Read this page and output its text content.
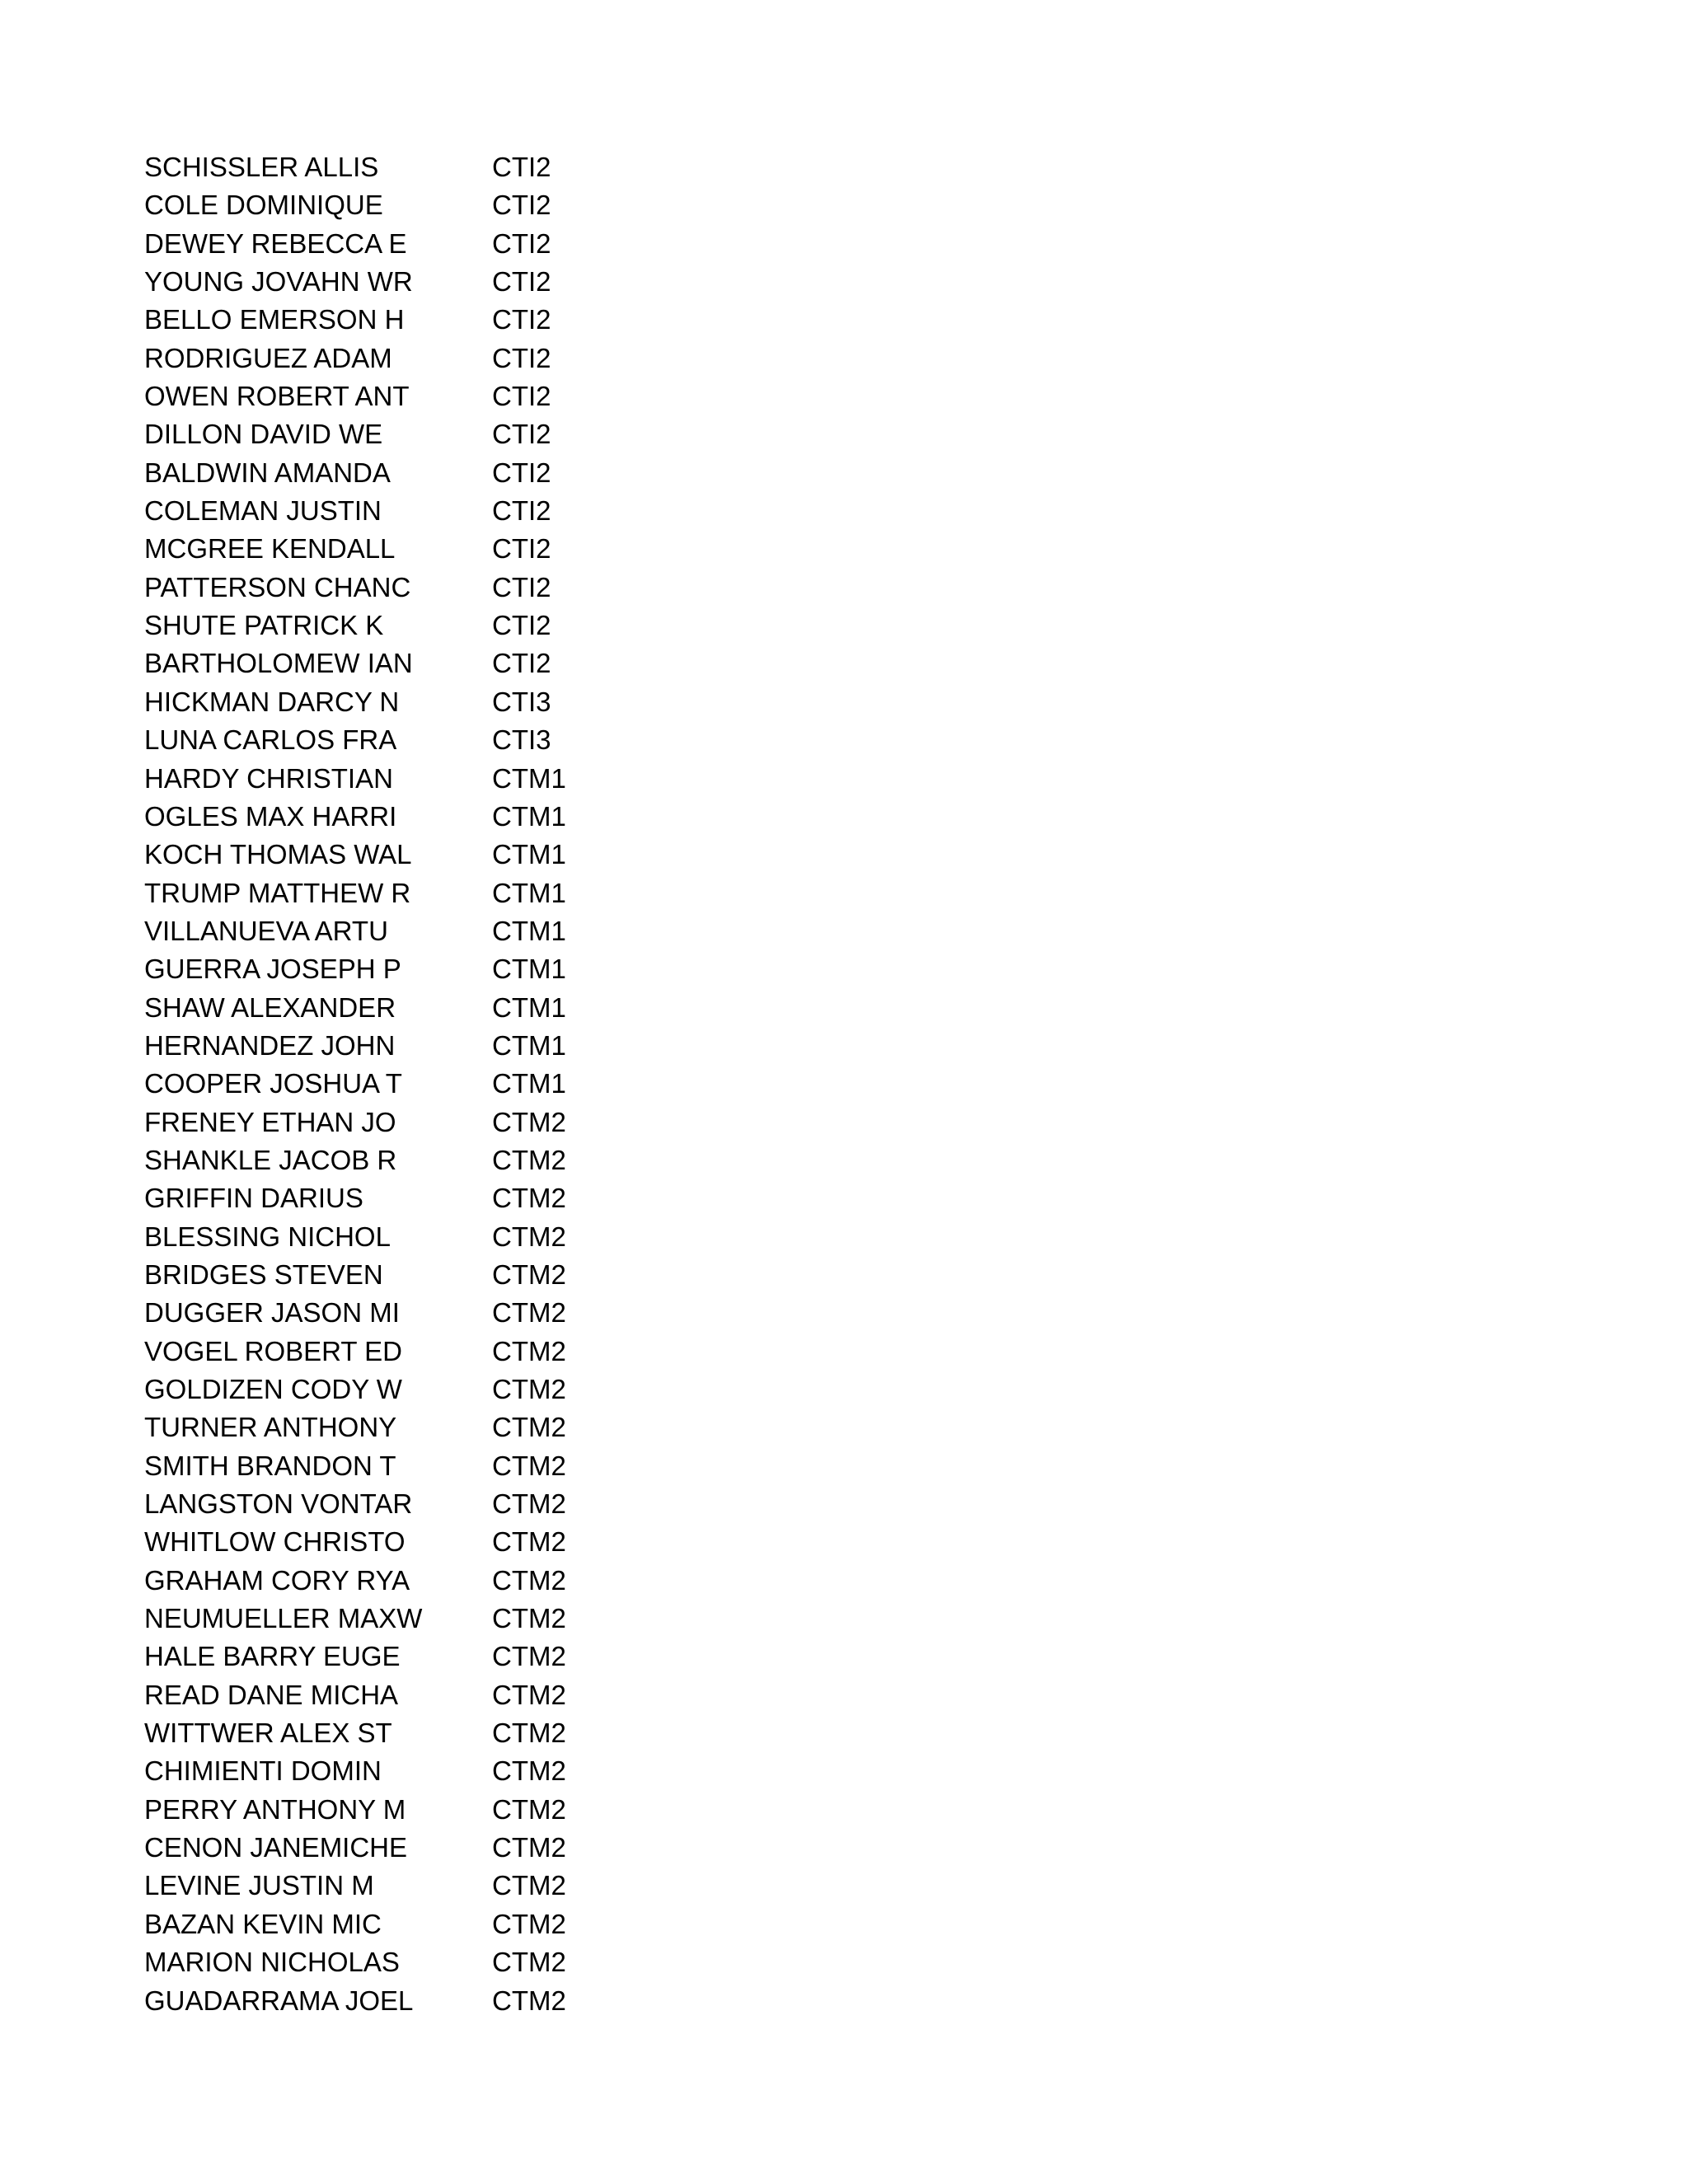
SCHISSLER ALLIS	CTI2
COLE DOMINIQUE	CTI2
DEWEY REBECCA E	CTI2
YOUNG JOVAHN WR	CTI2
BELLO EMERSON H	CTI2
RODRIGUEZ ADAM	CTI2
OWEN ROBERT ANT	CTI2
DILLON DAVID WE	CTI2
BALDWIN AMANDA	CTI2
COLEMAN JUSTIN	CTI2
MCGREE KENDALL	CTI2
PATTERSON CHANC	CTI2
SHUTE PATRICK K	CTI2
BARTHOLOMEW IAN	CTI2
HICKMAN DARCY N	CTI3
LUNA CARLOS FRA	CTI3
HARDY CHRISTIAN	CTM1
OGLES MAX HARRI	CTM1
KOCH THOMAS WAL	CTM1
TRUMP MATTHEW R	CTM1
VILLANUEVA ARTU	CTM1
GUERRA JOSEPH P	CTM1
SHAW ALEXANDER	CTM1
HERNANDEZ JOHN	CTM1
COOPER JOSHUA T	CTM1
FRENEY ETHAN JO	CTM2
SHANKLE JACOB R	CTM2
GRIFFIN DARIUS	CTM2
BLESSING NICHOL	CTM2
BRIDGES STEVEN	CTM2
DUGGER JASON MI	CTM2
VOGEL ROBERT ED	CTM2
GOLDIZEN CODY W	CTM2
TURNER ANTHONY	CTM2
SMITH BRANDON T	CTM2
LANGSTON VONTAR	CTM2
WHITLOW CHRISTO	CTM2
GRAHAM CORY RYA	CTM2
NEUMUELLER MAXW	CTM2
HALE BARRY EUGE	CTM2
READ DANE MICHA	CTM2
WITTWER ALEX ST	CTM2
CHIMIENTI DOMIN	CTM2
PERRY ANTHONY M	CTM2
CENON JANEMICHE	CTM2
LEVINE JUSTIN M	CTM2
BAZAN KEVIN MIC	CTM2
MARION NICHOLAS	CTM2
GUADARRAMA JOEL	CTM2
